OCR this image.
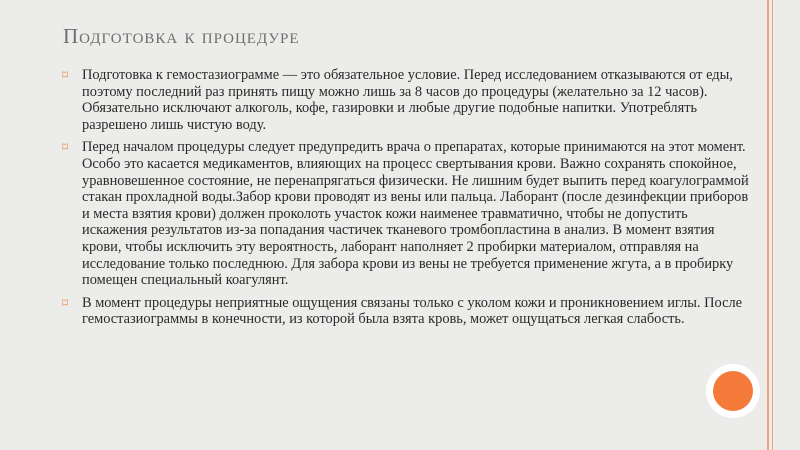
Подготовка к процедуре
⌑ Подготовка к гемостазиограмме — это обязательное условие. Перед исследованием отказываются от еды, поэтому последний раз принять пищу можно лишь за 8 часов до процедуры (желательно за 12 часов). Обязательно исключают алкоголь, кофе, газировки и любые другие подобные напитки. Употреблять разрешено лишь чистую воду.
⌑ Перед началом процедуры следует предупредить врача о препаратах, которые принимаются на этот момент. Особо это касается медикаментов, влияющих на процесс свертывания крови. Важно сохранять спокойное, уравновешенное состояние, не перенапрягаться физически. Не лишним будет выпить перед коагулограммой стакан прохладной воды.Забор крови проводят из вены или пальца. Лаборант (после дезинфекции приборов и места взятия крови) должен проколоть участок кожи наименее травматично, чтобы не допустить искажения результатов из-за попадания частичек тканевого тромбопластина в анализ. В момент взятия крови, чтобы исключить эту вероятность, лаборант наполняет 2 пробирки материалом, отправляя на исследование только последнюю. Для забора крови из вены не требуется применение жгута, а в пробирку помещен специальный коагулянт.
⌑ В момент процедуры неприятные ощущения связаны только с уколом кожи и проникновением иглы. После гемостазиограммы в конечности, из которой была взята кровь, может ощущаться легкая слабость.
